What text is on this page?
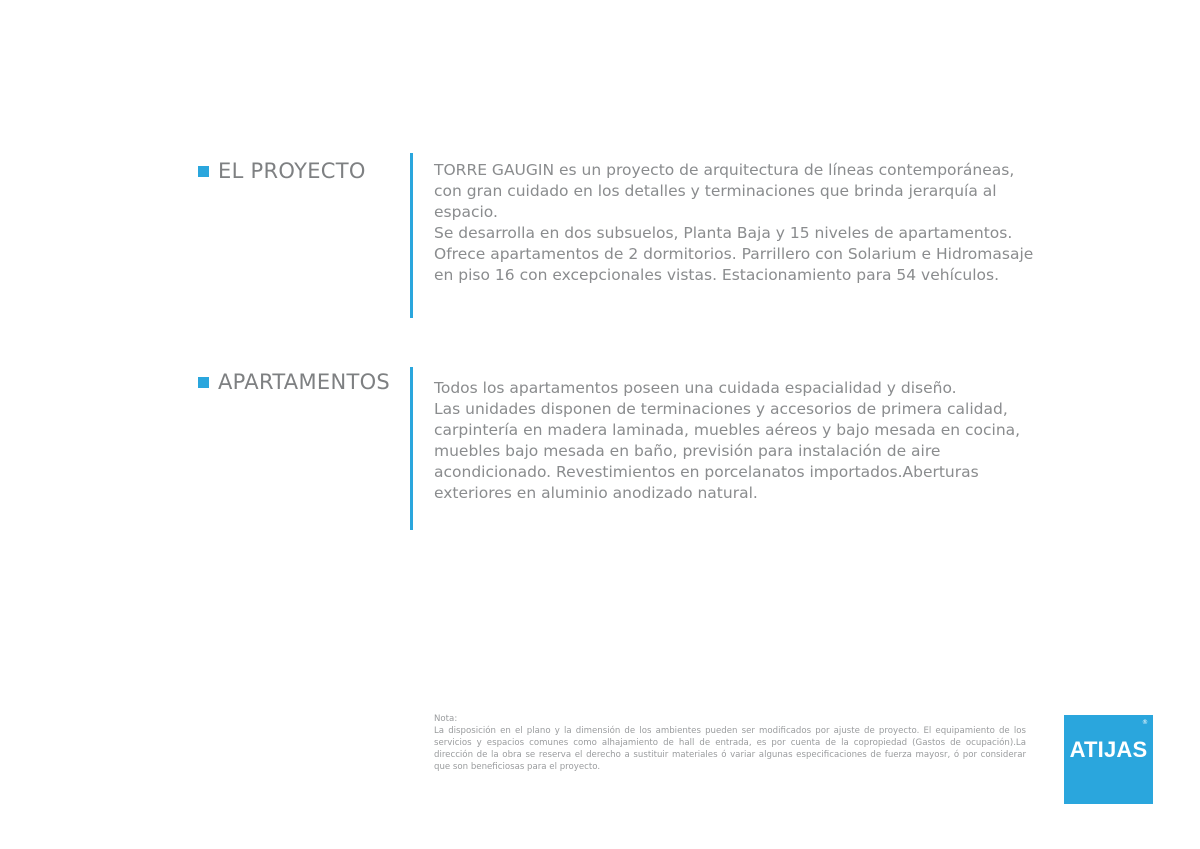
EL PROYECTO	TORRE GAUGIN es un proyecto de arquitectura de líneas contemporáneas, con gran cuidado en los detalles y terminaciones que brinda jerarquía al espacio.

Se desarrolla en dos subsuelos, Planta Baja y 15 niveles de apartamentos. Ofrece apartamentos de 2 dormitorios. Parrillero con Solarium e Hidromasaje en piso 16 con excepcionales vistas. Estacionamiento para 54 vehículos.

APARTAMENTOS	Todos los apartamentos poseen una cuidada espacialidad y diseño.

Las unidades disponen de terminaciones y accesorios de primera calidad, carpintería en madera laminada, muebles aéreos y bajo mesada en cocina, muebles bajo mesada en baño, previsión para instalación de aire acondicionado. Revestimientos en porcelanatos importados.Aberturas exteriores en aluminio anodizado natural.

Nota:

La disposición en el plano y la dimensión de los ambientes pueden ser modificados por ajuste de proyecto. El equipamiento de los servicios y espacios comunes como alhajamiento de hall de entrada, es por cuenta de la copropiedad (Gastos de ocupación).La dirección de la obra se reserva el derecho a sustituir materiales ó variar algunas especificaciones de fuerza mayosr, ó por considerar que son beneficiosas para el proyecto.

ATIJAS
®
